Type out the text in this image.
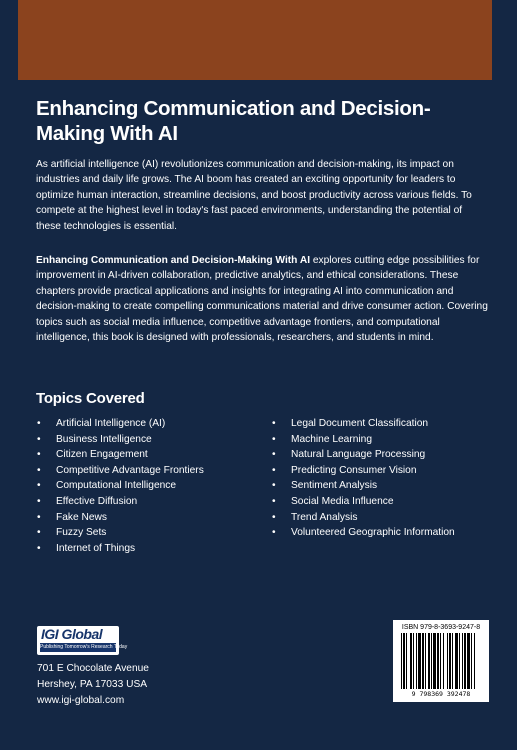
Enhancing Communication and Decision-Making With AI

As artificial intelligence (AI) revolutionizes communication and decision-making, its impact on industries and daily life grows. The AI boom has created an exciting opportunity for leaders to optimize human interaction, streamline decisions, and boost productivity across various fields. To compete at the highest level in today's fast paced environments, understanding the potential of these technologies is essential.

Enhancing Communication and Decision-Making With AI explores cutting edge possibilities for improvement in AI-driven collaboration, predictive analytics, and ethical considerations. These chapters provide practical applications and insights for integrating AI into communication and decision-making to create compelling communications material and drive consumer action. Covering topics such as social media influence, competitive advantage frontiers, and computational intelligence, this book is designed with professionals, researchers, and students in mind.

Topics Covered
• Artificial Intelligence (AI)
• Business Intelligence
• Citizen Engagement
• Competitive Advantage Frontiers
• Computational Intelligence
• Effective Diffusion
• Fake News
• Fuzzy Sets
• Internet of Things
• Legal Document Classification
• Machine Learning
• Natural Language Processing
• Predicting Consumer Vision
• Sentiment Analysis
• Social Media Influence
• Trend Analysis
• Volunteered Geographic Information
IGI Global
Publishing Tomorrow's Research Today
701 E Chocolate Avenue
Hershey, PA 17033 USA
www.igi-global.com
ISBN 979-8-3693-9247-8
9 798369 392478
